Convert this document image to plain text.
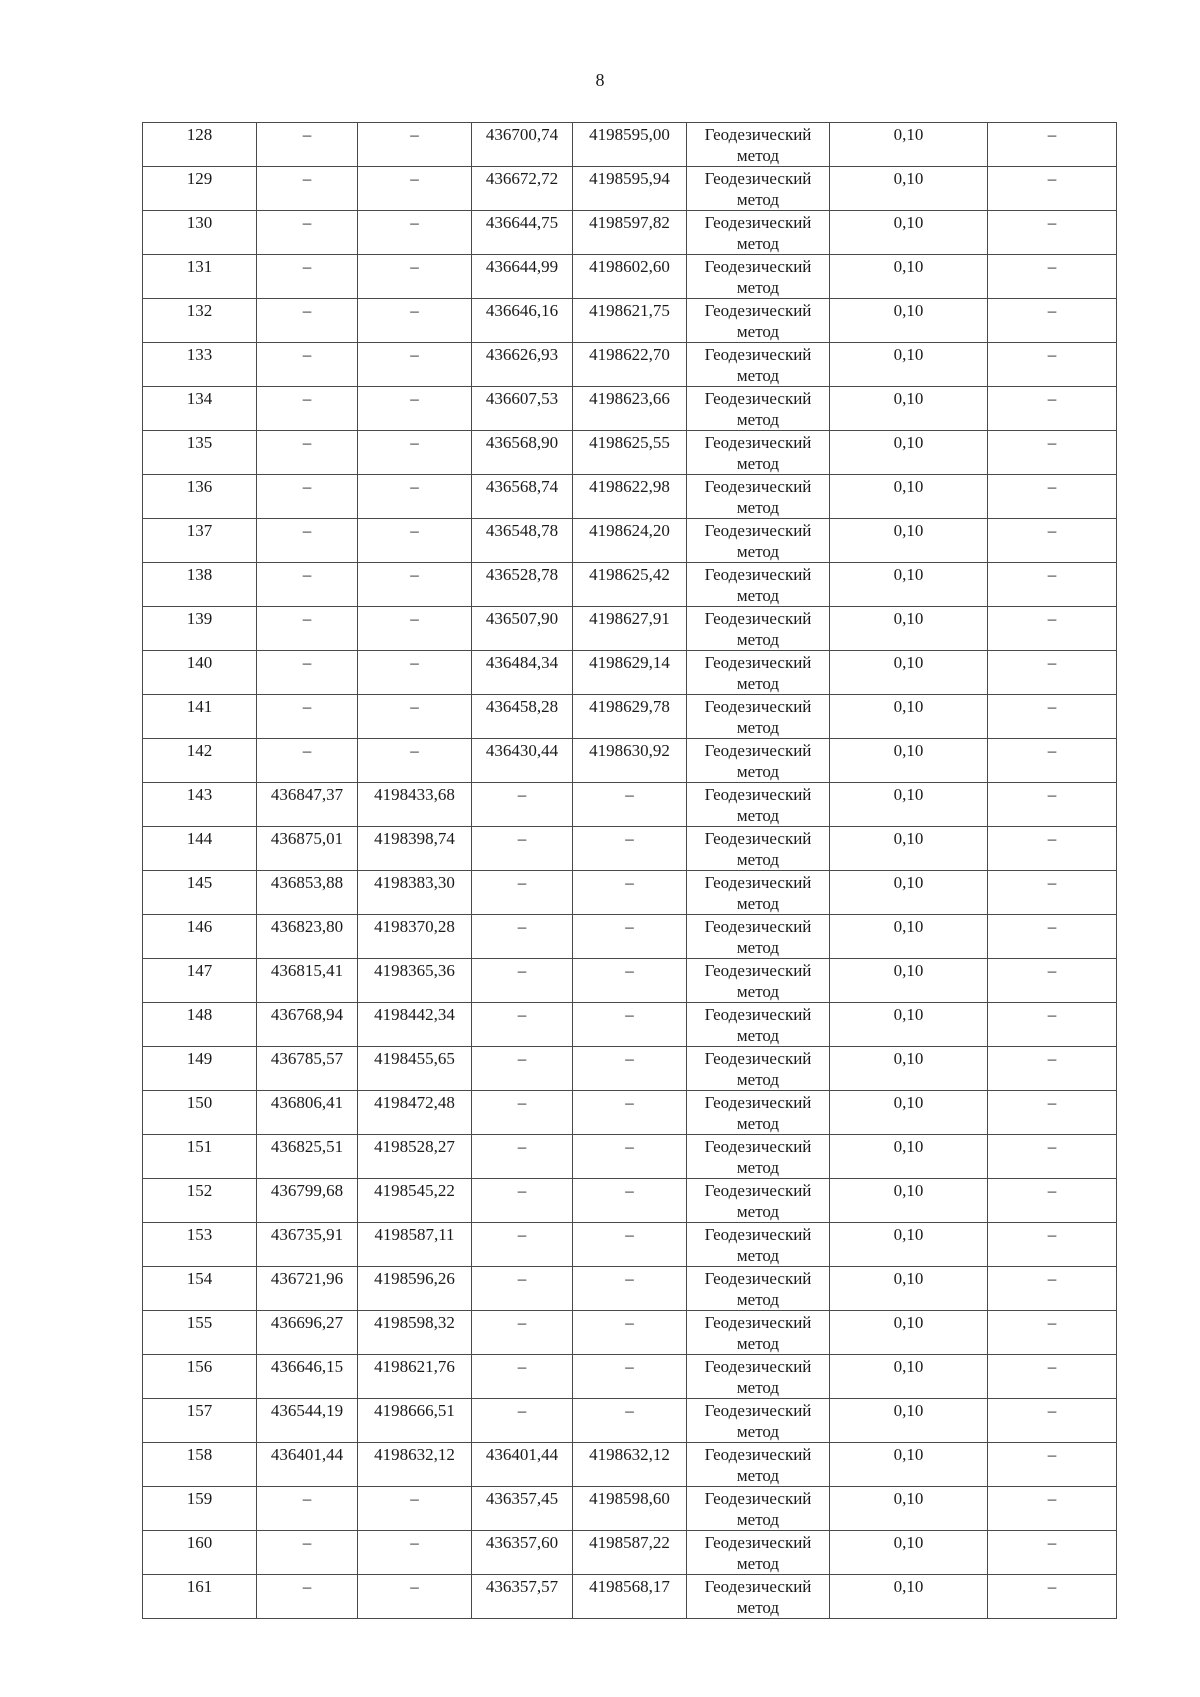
8
128	–	–	436700,74	4198595,00	Геодезический
метод	0,10	–

129	–	–	436672,72	4198595,94	Геодезический
метод	0,10	–

130	–	–	436644,75	4198597,82	Геодезический
метод	0,10	–

131	–	–	436644,99	4198602,60	Геодезический
метод	0,10	–

132	–	–	436646,16	4198621,75	Геодезический
метод	0,10	–

133	–	–	436626,93	4198622,70	Геодезический
метод	0,10	–

134	–	–	436607,53	4198623,66	Геодезический
метод	0,10	–

135	–	–	436568,90	4198625,55	Геодезический
метод	0,10	–

136	–	–	436568,74	4198622,98	Геодезический
метод	0,10	–

137	–	–	436548,78	4198624,20	Геодезический
метод	0,10	–

138	–	–	436528,78	4198625,42	Геодезический
метод	0,10	–

139	–	–	436507,90	4198627,91	Геодезический
метод	0,10	–

140	–	–	436484,34	4198629,14	Геодезический
метод	0,10	–

141	–	–	436458,28	4198629,78	Геодезический
метод	0,10	–

142	–	–	436430,44	4198630,92	Геодезический
метод	0,10	–

143	436847,37	4198433,68	–	–	Геодезический
метод	0,10	–

144	436875,01	4198398,74	–	–	Геодезический
метод	0,10	–

145	436853,88	4198383,30	–	–	Геодезический
метод	0,10	–

146	436823,80	4198370,28	–	–	Геодезический
метод	0,10	–

147	436815,41	4198365,36	–	–	Геодезический
метод	0,10	–

148	436768,94	4198442,34	–	–	Геодезический
метод	0,10	–

149	436785,57	4198455,65	–	–	Геодезический
метод	0,10	–

150	436806,41	4198472,48	–	–	Геодезический
метод	0,10	–

151	436825,51	4198528,27	–	–	Геодезический
метод	0,10	–

152	436799,68	4198545,22	–	–	Геодезический
метод	0,10	–

153	436735,91	4198587,11	–	–	Геодезический
метод	0,10	–

154	436721,96	4198596,26	–	–	Геодезический
метод	0,10	–

155	436696,27	4198598,32	–	–	Геодезический
метод	0,10	–

156	436646,15	4198621,76	–	–	Геодезический
метод	0,10	–

157	436544,19	4198666,51	–	–	Геодезический
метод	0,10	–

158	436401,44	4198632,12	436401,44	4198632,12	Геодезический
метод	0,10	–

159	–	–	436357,45	4198598,60	Геодезический
метод	0,10	–

160	–	–	436357,60	4198587,22	Геодезический
метод	0,10	–

161	–	–	436357,57	4198568,17	Геодезический
метод	0,10	–
